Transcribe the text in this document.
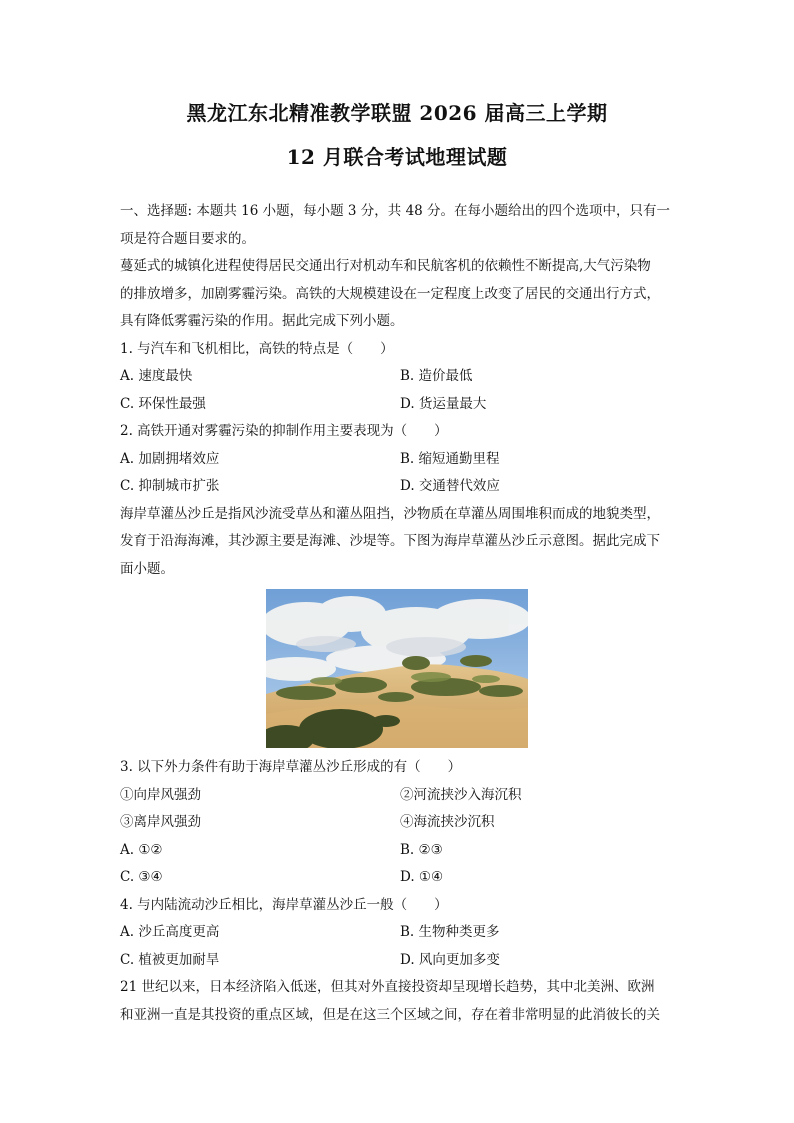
黑龙江东北精准教学联盟 2026 届高三上学期
12 月联合考试地理试题

一、选择题: 本题共 16 小题，每小题 3 分，共 48 分。在每小题给出的四个选项中，只有一

项是符合题目要求的。

蔓延式的城镇化进程使得居民交通出行对机动车和民航客机的依赖性不断提高,大气污染物

的排放增多，加剧雾霾污染。高铁的大规模建设在一定程度上改变了居民的交通出行方式，

具有降低雾霾污染的作用。据此完成下列小题。

1. 与汽车和飞机相比，高铁的特点是（　　）

A. 速度最快	B. 造价最低
C. 环保性最强	D. 货运量最大

2. 高铁开通对雾霾污染的抑制作用主要表现为（　　）

A. 加剧拥堵效应	B. 缩短通勤里程
C. 抑制城市扩张	D. 交通替代效应

海岸草灌丛沙丘是指风沙流受草丛和灌丛阻挡，沙物质在草灌丛周围堆积而成的地貌类型，

发育于沿海海滩，其沙源主要是海滩、沙堤等。下图为海岸草灌丛沙丘示意图。据此完成下

面小题。

3. 以下外力条件有助于海岸草灌丛沙丘形成的有（　　）

①向岸风强劲	②河流挟沙入海沉积
③离岸风强劲	④海流挟沙沉积
A. ①②	B. ②③
C. ③④	D. ①④

4. 与内陆流动沙丘相比，海岸草灌丛沙丘一般（　　）

A. 沙丘高度更高	B. 生物种类更多
C. 植被更加耐旱	D. 风向更加多变

21 世纪以来，日本经济陷入低迷，但其对外直接投资却呈现增长趋势，其中北美洲、欧洲

和亚洲一直是其投资的重点区域，但是在这三个区域之间，存在着非常明显的此消彼长的关
